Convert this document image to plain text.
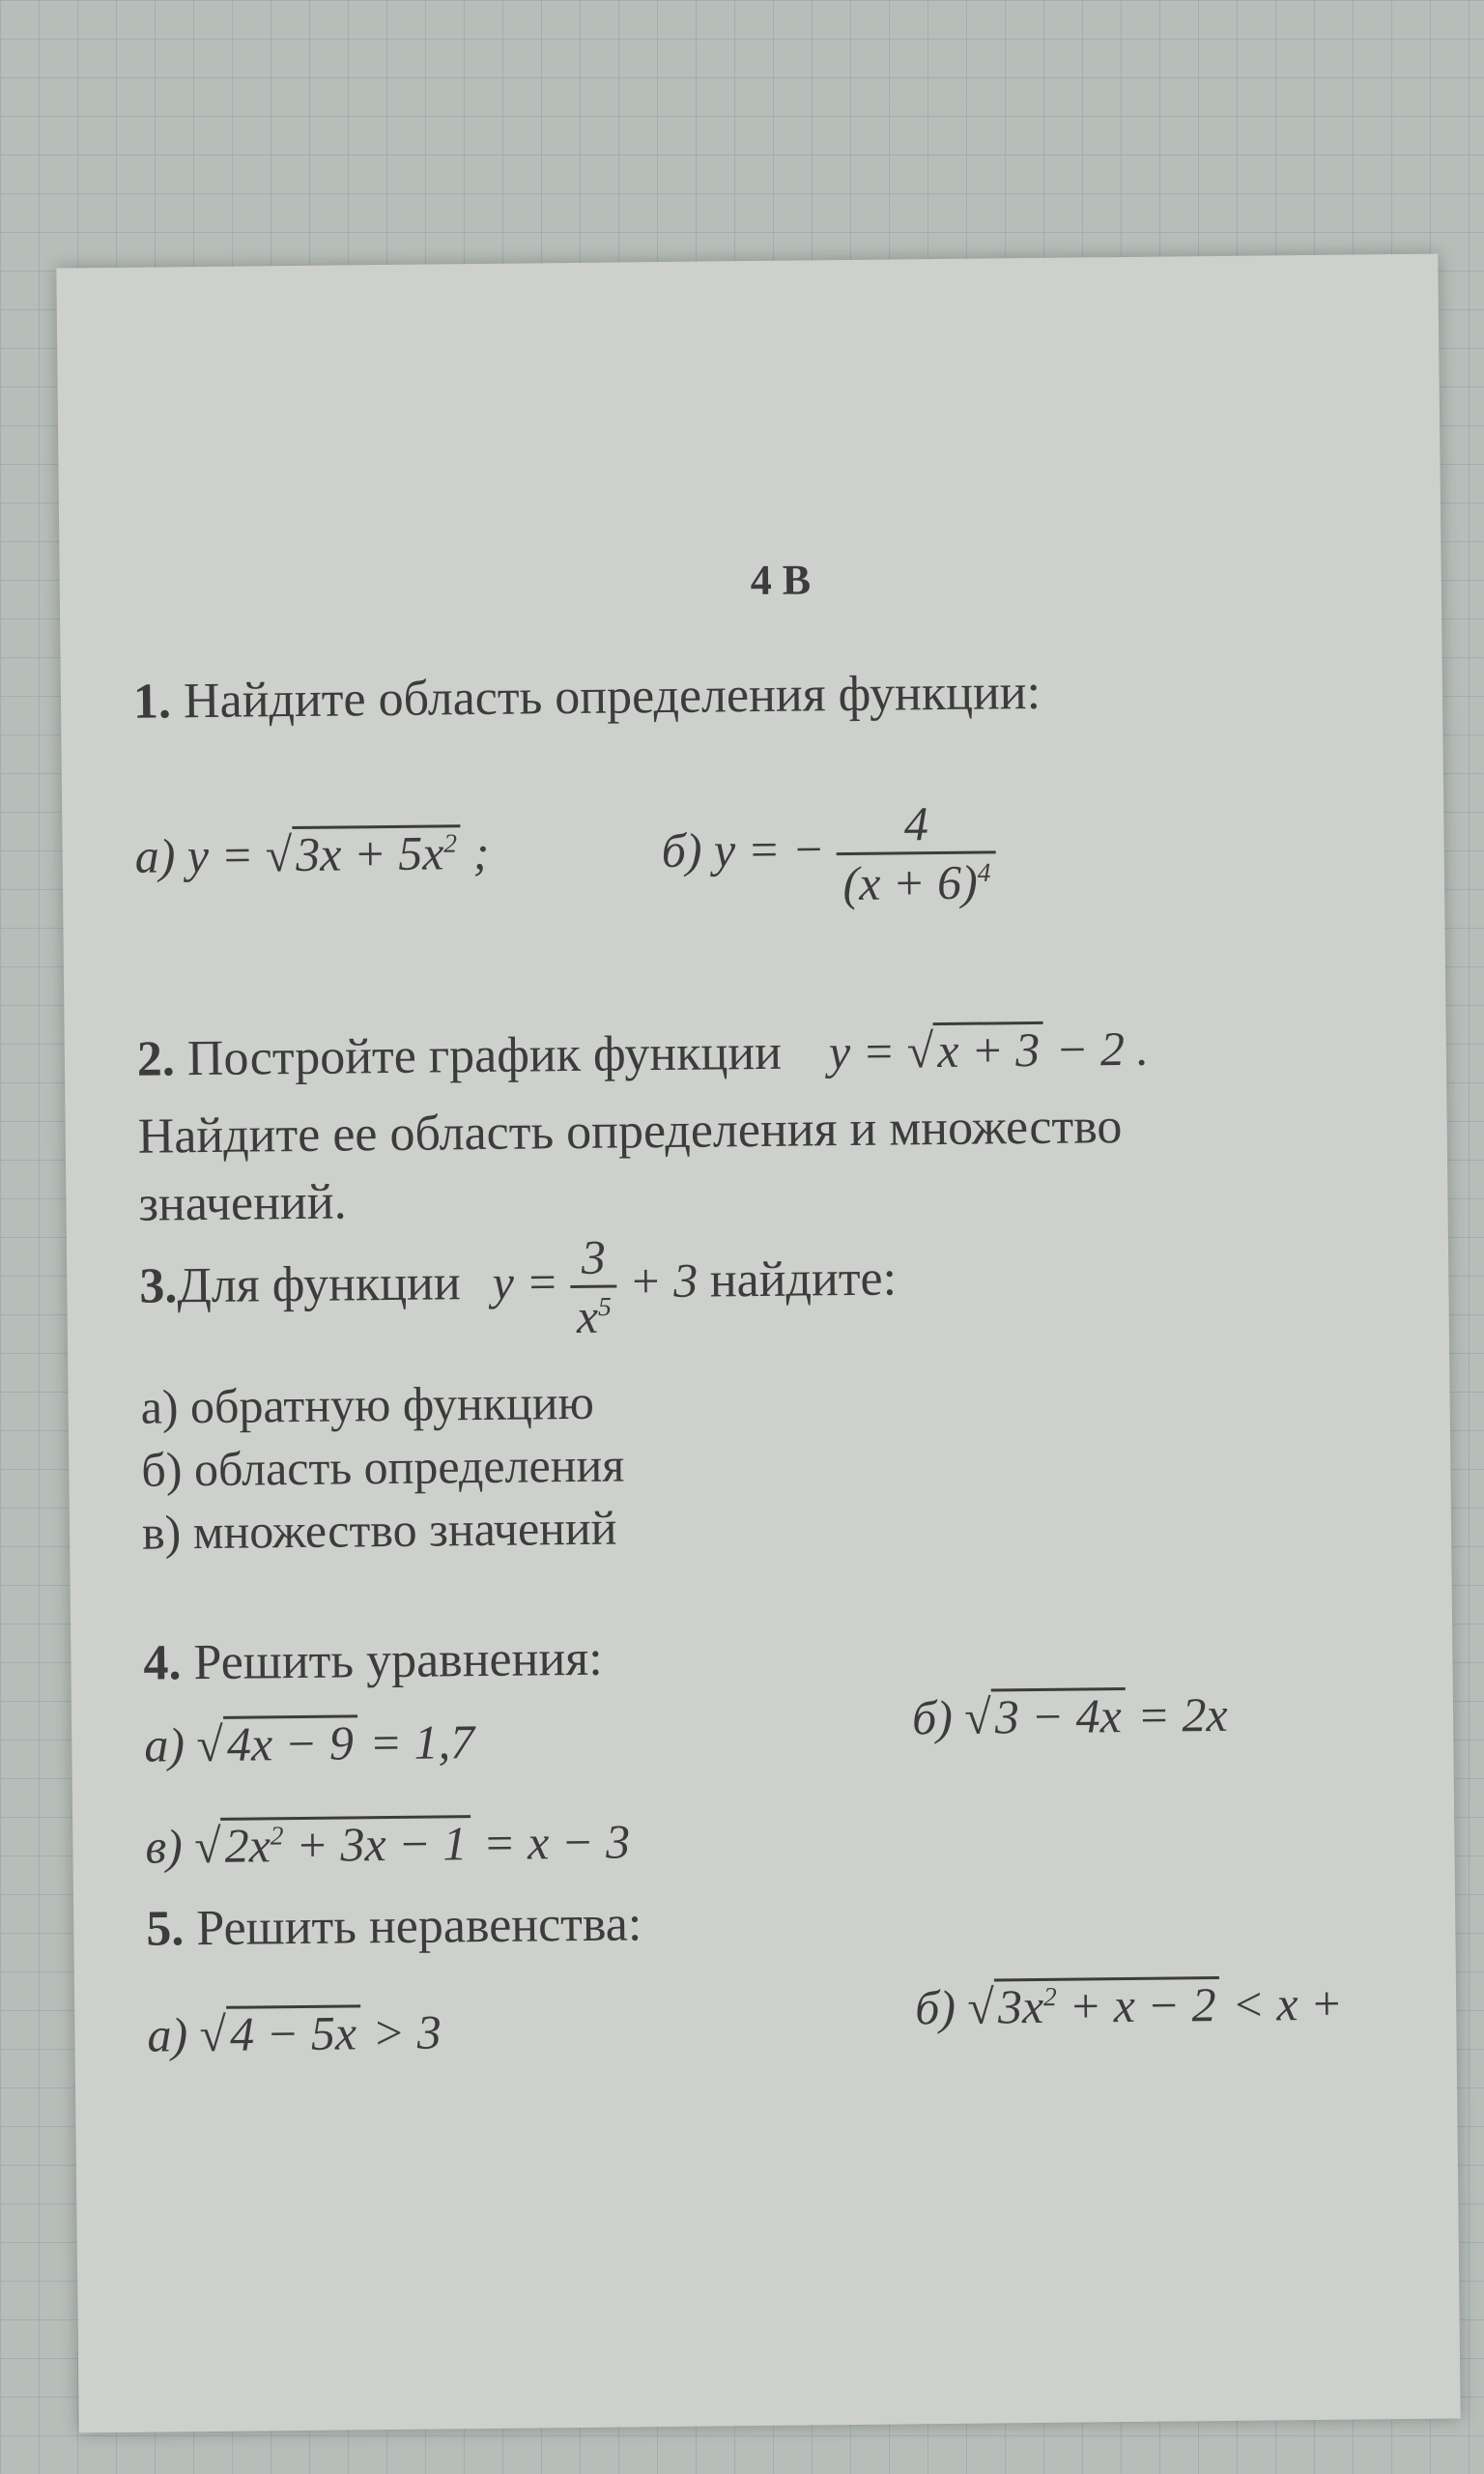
4 В
1. Найдите область определения функции:
а) $y = √3x + 5x^2$ ;	б) y = − $\frac{4}{(x + 6)^4}$
2. Постройте график функции y = √x + 3 − 2 .
Найдите ее область определения и множество
значений.
3.Для функции $y = \frac{3}{x^5} + 3$ найдите:
а) обратную функцию
б) область определения
в) множество значений
4. Решить уравнения:
а) √4x − 9 = 1,7	б) √3 − 4x = 2x
в) $√2x^2 + 3x - 1 = x - 3$
5. Решить неравенства:
а) √4 − 5x > 3	б) $√3x^2 + x - 2 < x$ +
